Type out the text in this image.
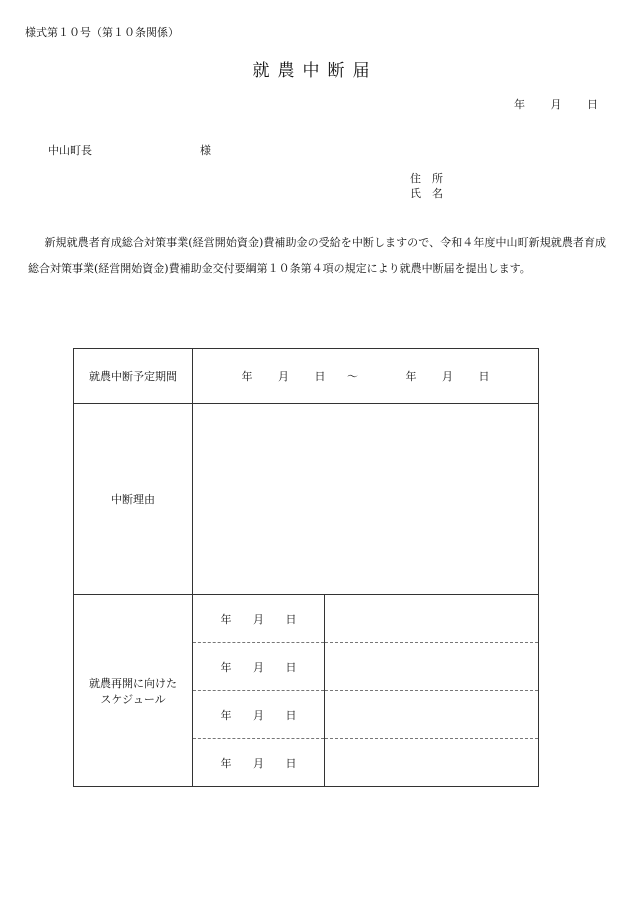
様式第１０号（第１０条関係）
就農中断届
年 月 日
中山町長	様
住　所
氏　名
新規就農者育成総合対策事業(経営開始資金)費補助金の受給を中断しますので、令和４年度中山町新規就農者育成総合対策事業(経営開始資金)費補助金交付要綱第１０条第４項の規定により就農中断届を提出します。
就農中断予定期間	年 月 日 〜 年 月 日	
中断理由		

就農再開に向けた
スケジュール	年 月 日	
	年 月 日	
	年 月 日	
	年 月 日	
